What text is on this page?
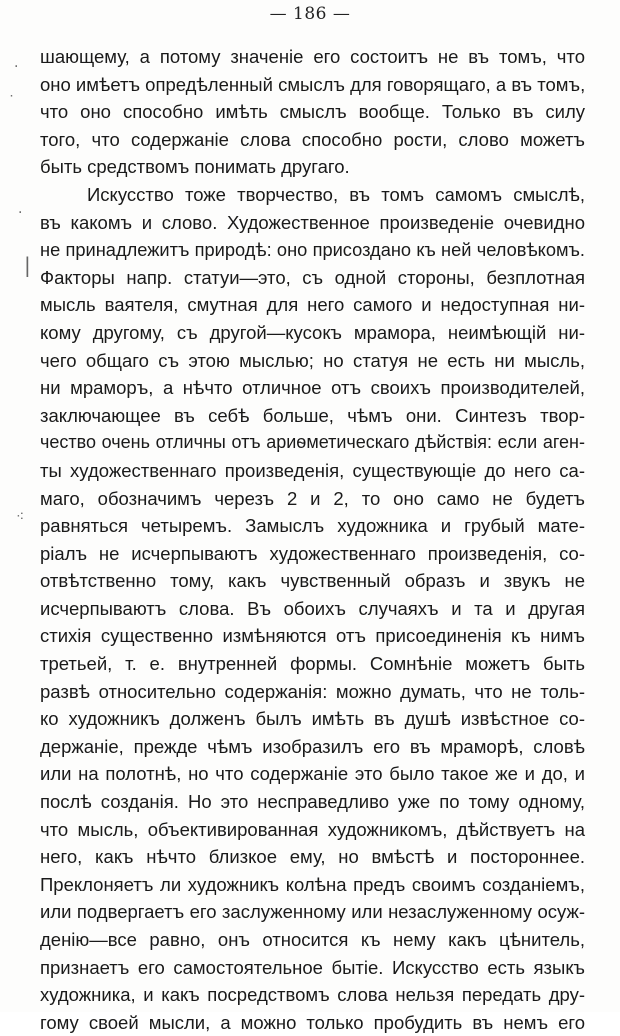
— 186 —
·
˙
·
|
⁖
шающему, а потому значеніе его состоитъ не въ томъ, что
оно имѣетъ опредѣленный смыслъ для говорящаго, а въ томъ,
что оно способно имѣть смыслъ вообще. Только въ силу
того, что содержаніе слова способно рости, слово можетъ
быть средствомъ понимать другаго.
Искусство тоже творчество, въ томъ самомъ смыслѣ,
въ какомъ и слово. Художественное произведеніе очевидно
не принадлежитъ природѣ: оно присоздано къ ней человѣкомъ.
Факторы напр. статуи—это, съ одной стороны, безплотная
мысль ваятеля, смутная для него самого и недоступная ни-
кому другому, съ другой—кусокъ мрамора, неимѣющій ни-
чего общаго съ этою мыслью; но статуя не есть ни мысль,
ни мраморъ, а нѣчто отличное отъ своихъ производителей,
заключающее въ себѣ больше, чѣмъ они. Синтезъ твор-
чество очень отличны отъ ариѳметическаго дѣйствія: если аген-
ты художественнаго произведенія, существующіе до него са-
маго, обозначимъ черезъ 2 и 2, то оно само не будетъ
равняться четыремъ. Замыслъ художника и грубый мате-
ріалъ не исчерпываютъ художественнаго произведенія, со-
отвѣтственно тому, какъ чувственный образъ и звукъ не
исчерпываютъ слова. Въ обоихъ случаяхъ и та и другая
стихія существенно измѣняются отъ присоединенія къ нимъ
третьей, т. е. внутренней формы. Сомнѣніе можетъ быть
развѣ относительно содержанія: можно думать, что не толь-
ко художникъ долженъ былъ имѣть въ душѣ извѣстное со-
держаніе, прежде чѣмъ изобразилъ его въ мраморѣ, словѣ
или на полотнѣ, но что содержаніе это было такое же и до, и
послѣ созданія. Но это несправедливо уже по тому одному,
что мысль, объективированная художникомъ, дѣйствуетъ на
него, какъ нѣчто близкое ему, но вмѣстѣ и постороннее.
Преклоняетъ ли художникъ колѣна предъ своимъ созданіемъ,
или подвергаетъ его заслуженному или незаслуженному осуж-
денію—все равно, онъ относится къ нему какъ цѣнитель,
признаетъ его самостоятельное бытіе. Искусство есть языкъ
художника, и какъ посредствомъ слова нельзя передать дру-
гому своей мысли, а можно только пробудить въ немъ его
